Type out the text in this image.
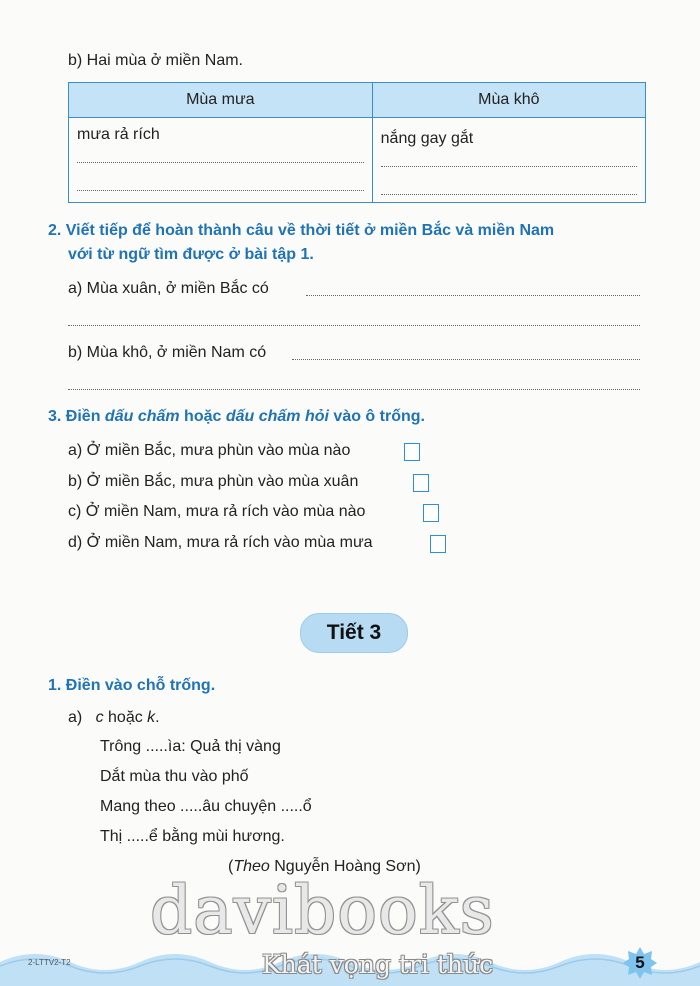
b) Hai mùa ở miền Nam.
Mùa mưa	Mùa khô

mưa rả rích	nắng gay gắt
2. Viết tiếp để hoàn thành câu về thời tiết ở miền Bắc và miền Nam
với từ ngữ tìm được ở bài tập 1.
a) Mùa xuân, ở miền Bắc có
b) Mùa khô, ở miền Nam có
3. Điền dấu chấm hoặc dấu chấm hỏi vào ô trống.
a) Ở miền Bắc, mưa phùn vào mùa nào
b) Ở miền Bắc, mưa phùn vào mùa xuân
c) Ở miền Nam, mưa rả rích vào mùa nào
d) Ở miền Nam, mưa rả rích vào mùa mưa
Tiết 3
1. Điền vào chỗ trống.
a) c hoặc k.
Trông .....ìa: Quả thị vàng
Dắt mùa thu vào phố
Mang theo .....âu chuyện .....ổ
Thị .....ể bằng mùi hương.
(Theo Nguyễn Hoàng Sơn)
2-LTTV2-T2	5
davibooks
Khát vọng tri thức
